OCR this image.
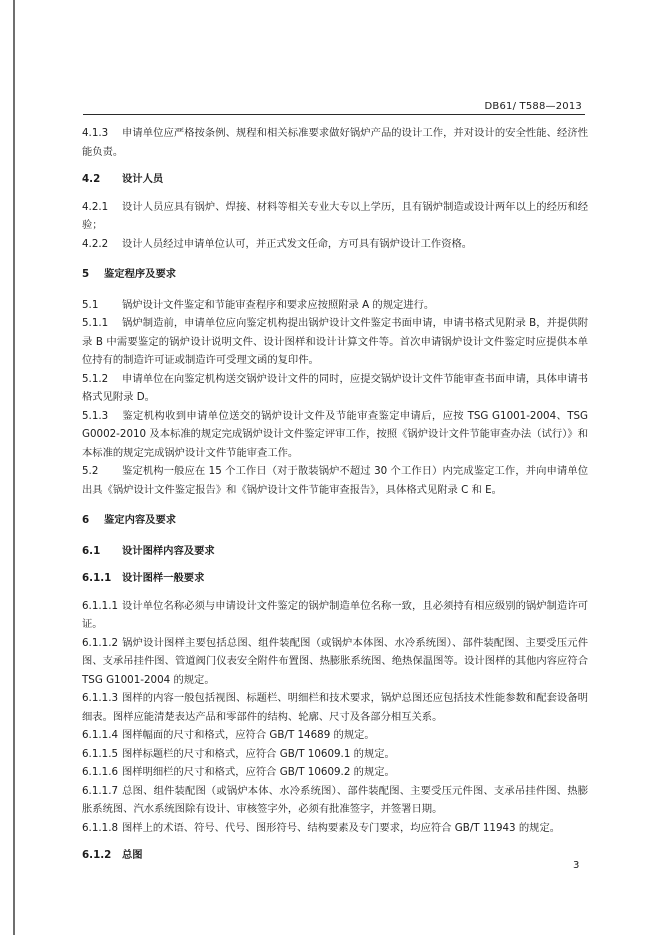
DB61/ T588—2013

4.1.3 申请单位应严格按条例、规程和相关标准要求做好锅炉产品的设计工作，并对设计的安全性能、经济性能负责。

4.2 设计人员

4.2.1 设计人员应具有锅炉、焊接、材料等相关专业大专以上学历，且有锅炉制造或设计两年以上的经历和经验；

4.2.2 设计人员经过申请单位认可，并正式发文任命，方可具有锅炉设计工作资格。

5 鉴定程序及要求

5.1 锅炉设计文件鉴定和节能审查程序和要求应按照附录 A 的规定进行。

5.1.1 锅炉制造前，申请单位应向鉴定机构提出锅炉设计文件鉴定书面申请，申请书格式见附录 B，并提供附录 B 中需要鉴定的锅炉设计说明文件、设计图样和设计计算文件等。首次申请锅炉设计文件鉴定时应提供本单位持有的制造许可证或制造许可受理文函的复印件。

5.1.2 申请单位在向鉴定机构送交锅炉设计文件的同时，应提交锅炉设计文件节能审查书面申请，具体申请书格式见附录 D。

5.1.3 鉴定机构收到申请单位送交的锅炉设计文件及节能审查鉴定申请后，应按 TSG G1001-2004、TSG G0002-2010 及本标准的规定完成锅炉设计文件鉴定评审工作，按照《锅炉设计文件节能审查办法（试行）》和本标准的规定完成锅炉设计文件节能审查工作。

5.2 鉴定机构一般应在 15 个工作日（对于散装锅炉不超过 30 个工作日）内完成鉴定工作，并向申请单位出具《锅炉设计文件鉴定报告》和《锅炉设计文件节能审查报告》，具体格式见附录 C 和 E。

6 鉴定内容及要求

6.1 设计图样内容及要求

6.1.1 设计图样一般要求

6.1.1.1 设计单位名称必须与申请设计文件鉴定的锅炉制造单位名称一致，且必须持有相应级别的锅炉制造许可证。

6.1.1.2 锅炉设计图样主要包括总图、组件装配图（或锅炉本体图、水冷系统图）、部件装配图、主要受压元件图、支承吊挂件图、管道阀门仪表安全附件布置图、热膨胀系统图、绝热保温图等。设计图样的其他内容应符合 TSG G1001-2004 的规定。

6.1.1.3 图样的内容一般包括视图、标题栏、明细栏和技术要求，锅炉总图还应包括技术性能参数和配套设备明细表。图样应能清楚表达产品和零部件的结构、轮廓、尺寸及各部分相互关系。

6.1.1.4 图样幅面的尺寸和格式，应符合 GB/T 14689 的规定。

6.1.1.5 图样标题栏的尺寸和格式，应符合 GB/T 10609.1 的规定。

6.1.1.6 图样明细栏的尺寸和格式，应符合 GB/T 10609.2 的规定。

6.1.1.7 总图、组件装配图（或锅炉本体、水冷系统图）、部件装配图、主要受压元件图、支承吊挂件图、热膨胀系统图、汽水系统图除有设计、审核签字外，必须有批准签字，并签署日期。

6.1.1.8 图样上的术语、符号、代号、图形符号、结构要素及专门要求，均应符合 GB/T 11943 的规定。

6.1.2 总图

3
